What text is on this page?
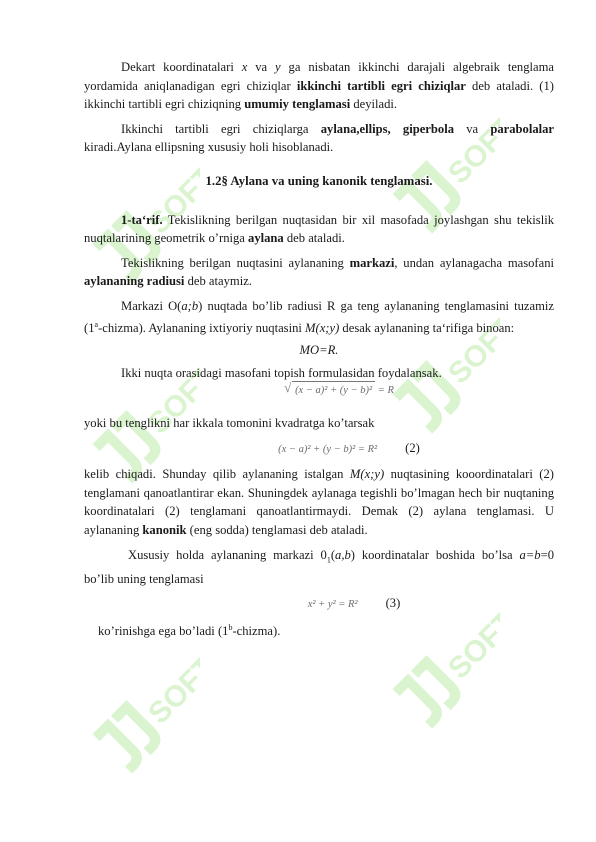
SOFT
SOFT
SOFT
SOFT
SOFT
SOFT

Dekart koordinatalari x va y ga nisbatan ikkinchi darajali algebraik tenglama yordamida aniqlanadigan egri chiziqlar ikkinchi tartibli egri chiziqlar deb ataladi. (1) ikkinchi tartibli egri chiziqning umumiy tenglamasi deyiladi.

Ikkinchi tartibli egri chiziqlarga aylana,ellips, giperbola va parabolalar kiradi.Aylana ellipsning xususiy holi hisoblanadi.

1.2§ Aylana va uning kanonik tenglamasi.

1-ta‘rif. Tekislikning berilgan nuqtasidan bir xil masofada joylashgan shu tekislik nuqtalarining geometrik o’rniga aylana deb ataladi.

Tekislikning berilgan nuqtasini aylananing markazi, undan aylanagacha masofani aylananing radiusi deb ataymiz.

Markazi O(a;b) nuqtada bo’lib radiusi R ga teng aylananing tenglamasini tuzamiz (1$^a$-chizma). Aylananing ixtiyoriy nuqtasini M(x;y) desak aylananing ta‘rifiga binoan:

MO=R.

Ikki nuqta orasidagi masofani topish formulasidan foydalansak.

√ (x − a)² + (y − b)² = R

yoki bu tenglikni har ikkala tomonini kvadratga ko’tarsak

(x − a)² + (y − b)² = R² (2)

kelib chiqadi. Shunday qilib aylananing istalgan M(x;y) nuqtasining kooordinatalari (2) tenglamani qanoatlantirar ekan. Shuningdek aylanaga tegishli bo’lmagan hech bir nuqtaning koordinatalari (2) tenglamani qanoatlantirmaydi. Demak (2) aylana tenglamasi. U aylananing kanonik (eng sodda) tenglamasi deb ataladi.

Xususiy holda aylananing markazi $0_1(a,b)$ koordinatalar boshida bo’lsa a=b=0 bo’lib uning tenglamasi

x² + y² = R² (3)

ko’rinishga ega bo’ladi (1$^b$-chizma).
